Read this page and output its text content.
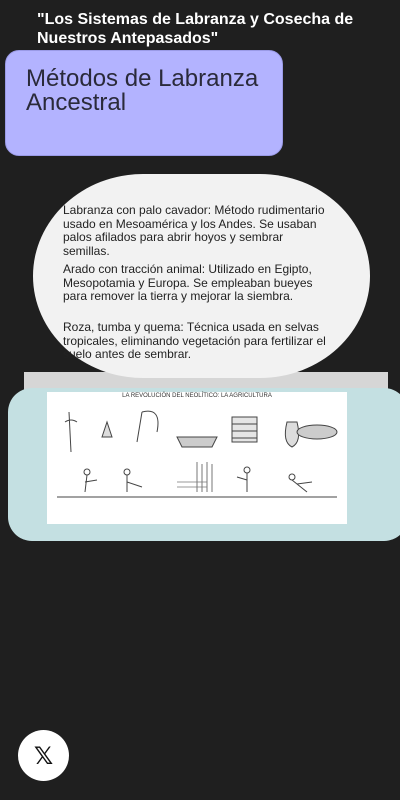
"Los Sistemas de Labranza y Cosecha de Nuestros Antepasados"
Métodos de Labranza Ancestral
Labranza con palo cavador: Método rudimentario usado en Mesoamérica y los Andes. Se usaban palos afilados para abrir hoyos y sembrar semillas.
Arado con tracción animal: Utilizado en Egipto, Mesopotamia y Europa. Se empleaban bueyes para remover la tierra y mejorar la siembra.
Roza, tumba y quema: Técnica usada en selvas tropicales, eliminando vegetación para fertilizar el suelo antes de sembrar.
LA REVOLUCIÓN DEL NEOLÍTICO: LA AGRICULTURA
𝕏
